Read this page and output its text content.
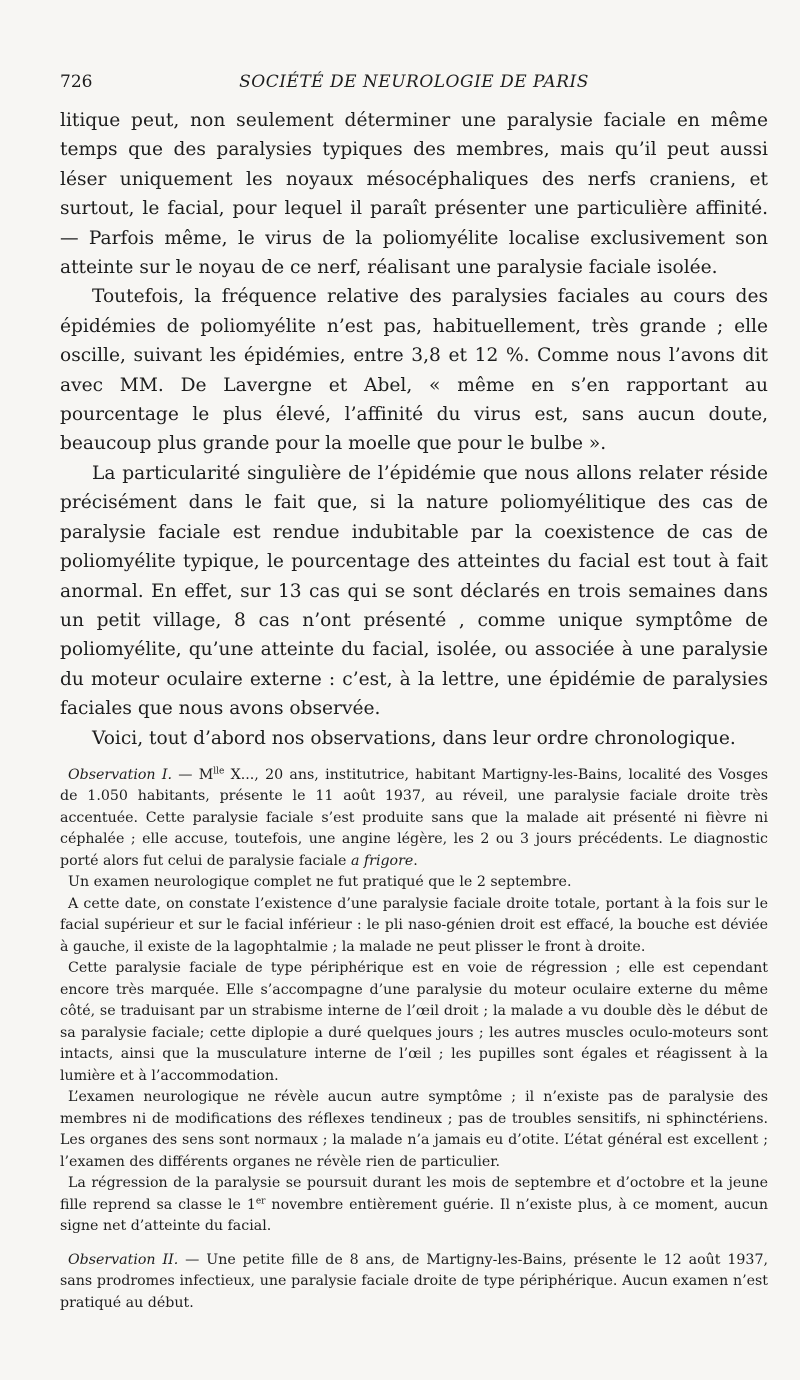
726	SOCIÉTÉ DE NEUROLOGIE DE PARIS

litique peut, non seulement déterminer une paralysie faciale en même temps que des paralysies typiques des membres, mais qu’il peut aussi léser uniquement les noyaux mésocéphaliques des nerfs craniens, et surtout, le facial, pour lequel il paraît présenter une particulière affinité. — Parfois même, le virus de la poliomyélite localise exclusivement son atteinte sur le noyau de ce nerf, réalisant une paralysie faciale isolée.

Toutefois, la fréquence relative des paralysies faciales au cours des épidémies de poliomyélite n’est pas, habituellement, très grande ; elle oscille, suivant les épidémies, entre 3,8 et 12 %. Comme nous l’avons dit avec MM. De Lavergne et Abel, « même en s’en rapportant au pourcentage le plus élevé, l’affinité du virus est, sans aucun doute, beaucoup plus grande pour la moelle que pour le bulbe ».

La particularité singulière de l’épidémie que nous allons relater réside précisément dans le fait que, si la nature poliomyélitique des cas de paralysie faciale est rendue indubitable par la coexistence de cas de poliomyélite typique, le pourcentage des atteintes du facial est tout à fait anormal. En effet, sur 13 cas qui se sont déclarés en trois semaines dans un petit village, 8 cas n’ont présenté , comme unique symptôme de poliomyélite, qu’une atteinte du facial, isolée, ou associée à une paralysie du moteur oculaire externe : c’est, à la lettre, une épidémie de paralysies faciales que nous avons observée.

Voici, tout d’abord nos observations, dans leur ordre chronologique.

Observation I. — $M^{lle}$ X..., 20 ans, institutrice, habitant Martigny-les-Bains, localité des Vosges de 1.050 habitants, présente le 11 août 1937, au réveil, une paralysie faciale droite très accentuée. Cette paralysie faciale s’est produite sans que la malade ait présenté ni fièvre ni céphalée ; elle accuse, toutefois, une angine légère, les 2 ou 3 jours précédents. Le diagnostic porté alors fut celui de paralysie faciale a frigore.

Un examen neurologique complet ne fut pratiqué que le 2 septembre.

A cette date, on constate l’existence d’une paralysie faciale droite totale, portant à la fois sur le facial supérieur et sur le facial inférieur : le pli naso-génien droit est effacé, la bouche est déviée à gauche, il existe de la lagophtalmie ; la malade ne peut plisser le front à droite.

Cette paralysie faciale de type périphérique est en voie de régression ; elle est cependant encore très marquée. Elle s’accompagne d’une paralysie du moteur oculaire externe du même côté, se traduisant par un strabisme interne de l’œil droit ; la malade a vu double dès le début de sa paralysie faciale; cette diplopie a duré quelques jours ; les autres muscles oculo-moteurs sont intacts, ainsi que la musculature interne de l’œil ; les pupilles sont égales et réagissent à la lumière et à l’accommodation.

L’examen neurologique ne révèle aucun autre symptôme ; il n’existe pas de paralysie des membres ni de modifications des réflexes tendineux ; pas de troubles sensitifs, ni sphinctériens. Les organes des sens sont normaux ; la malade n’a jamais eu d’otite. L’état général est excellent ; l’examen des différents organes ne révèle rien de particulier.

La régression de la paralysie se poursuit durant les mois de septembre et d’octobre et la jeune fille reprend sa classe le 1er novembre entièrement guérie. Il n’existe plus, à ce moment, aucun signe net d’atteinte du facial.

Observation II. — Une petite fille de 8 ans, de Martigny-les-Bains, présente le 12 août 1937, sans prodromes infectieux, une paralysie faciale droite de type périphérique. Aucun examen n’est pratiqué au début.
